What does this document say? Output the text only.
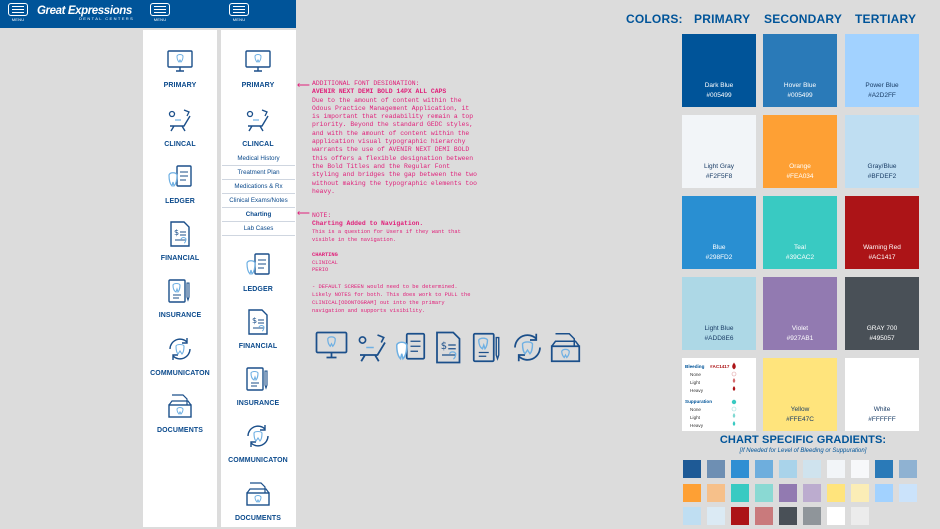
MENU
Great Expressions
DENTAL CENTERS	MENU	MENU
Medical History
Treatment Plan
Medications & Rx
Clinical Exams/Notes
Charting
Lab Cases
⟵ ADDITIONAL FONT DESIGNATION:
AVENIR NEXT DEMI BOLD 14PX ALL CAPS
Due to the amount of content within the
Odous Practice Management Application, it
is important that readability remain a top
priority. Beyond the standard GEDC styles,
and with the amount of content within the
application visual typographic hierarchy
warrants the use of AVENIR NEXT DEMI BOLD
this offers a flexible designation between
the Bold Titles and the Regular Font
styling and bridges the gap between the two
without making the typographic elements too
heavy.
⟵ NOTE:
Charting Added to Navigation.
This is a question for Users if they want that
visible in the navigation.
CHARTING
CLINICAL
PERIO
- DEFAULT SCREEN would need to be determined.
Likely NOTES for both. This does work to PULL the
CLINICAL[ODONTOGRAM] out into the primary
navigation and supports visibility.
$
COLORS: PRIMARY SECONDARY TERTIARY
Dark Blue
#005499
Hover Blue
#005499
Power Blue
#A2D2FF
Light Gray
#F2F5F8
Orange
#FEA034
Gray/Blue
#BFDEF2
Blue
#298FD2
Teal
#39CAC2
Warning Red
#AC1417
Light Blue
#ADD8E6
Violet
#927AB1
GRAY 700
#495057
Yellow
#FFE47C
White
#FFFFFF
Bleeding #AC1417
None
Light
Heavy
Suppuration
None
Light
Heavy
CHART SPECIFIC GRADIENTS:
[If Needed for Level of Bleeding or Suppuration]
PRIMARY
CLINCAL
LEDGER
$
FINANCIAL
INSURANCE
COMMUNICATON
DOCUMENTS
PRIMARY
CLINCAL
LEDGER
$
FINANCIAL
INSURANCE
COMMUNICATON
DOCUMENTS
